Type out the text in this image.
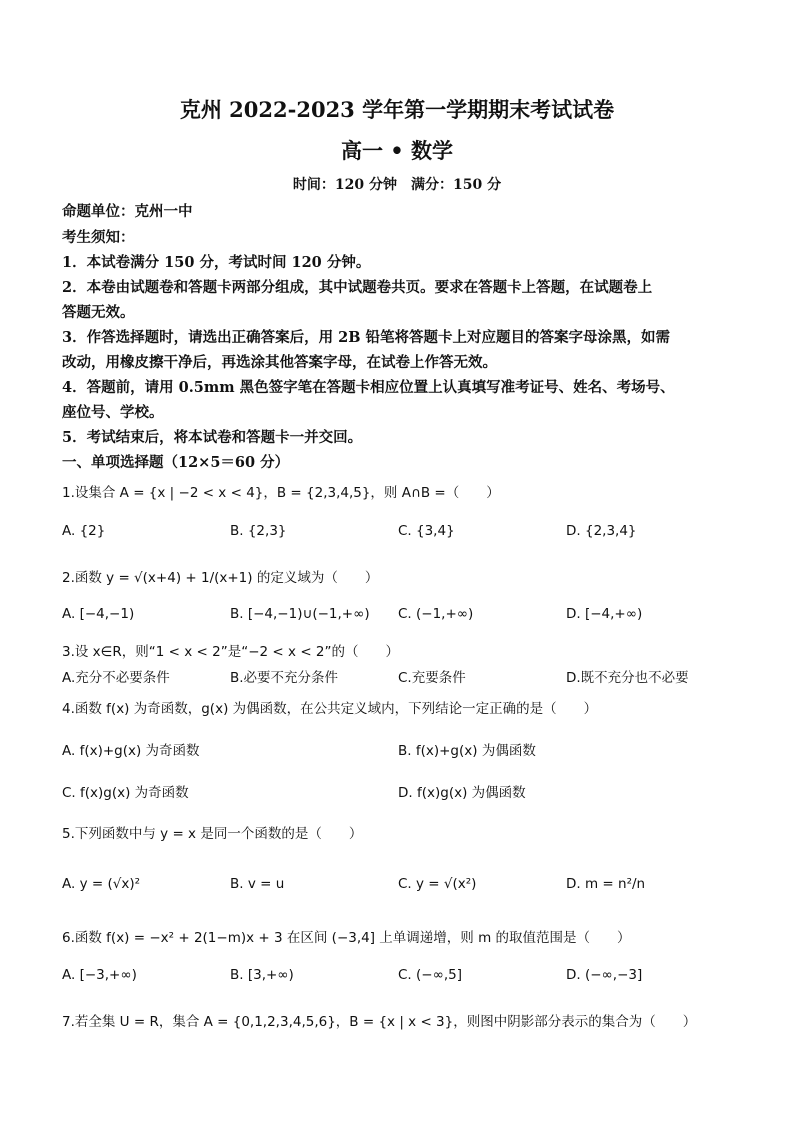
克州 2022-2023 学年第一学期期末考试试卷
高一 • 数学
时间：120 分钟　满分：150 分
命题单位：克州一中
考生须知：
1．本试卷满分 150 分，考试时间 120 分钟。
2．本卷由试题卷和答题卡两部分组成，其中试题卷共页。要求在答题卡上答题，在试题卷上
答题无效。
3．作答选择题时，请选出正确答案后，用 2B 铅笔将答题卡上对应题目的答案字母涂黑，如需
改动，用橡皮擦干净后，再选涂其他答案字母，在试卷上作答无效。
4．答题前，请用 0.5mm 黑色签字笔在答题卡相应位置上认真填写准考证号、姓名、考场号、
座位号、学校。
5．考试结束后，将本试卷和答题卡一并交回。
一、单项选择题（12×5＝60 分）
1.设集合 A = {x | −2 < x < 4}，B = {2,3,4,5}，则 A∩B =（　　）
A. {2}	B. {2,3}	C. {3,4}	D. {2,3,4}
2.函数 y = √(x+4) + 1/(x+1) 的定义域为（　　）
A. [−4,−1)	B. [−4,−1)∪(−1,+∞) C. (−1,+∞)	D. [−4,+∞)
3.设 x∈R，则“1 < x < 2”是“−2 < x < 2”的（　　）
A.充分不必要条件	B.必要不充分条件	C.充要条件	D.既不充分也不必要
4.函数 f(x) 为奇函数，g(x) 为偶函数，在公共定义域内，下列结论一定正确的是（　　）
A. f(x)+g(x) 为奇函数	B. f(x)+g(x) 为偶函数
C. f(x)g(x) 为奇函数	D. f(x)g(x) 为偶函数
5.下列函数中与 y = x 是同一个函数的是（　　）
A. y = (√x)²	B. v = u	C. y = √(x²)	D. m = n²/n
6.函数 f(x) = −x² + 2(1−m)x + 3 在区间 (−3,4] 上单调递增，则 m 的取值范围是（　　）
A. [−3,+∞)	B. [3,+∞)	C. (−∞,5]	D. (−∞,−3]
7.若全集 U = R，集合 A = {0,1,2,3,4,5,6}，B = {x | x < 3}，则图中阴影部分表示的集合为（　　）
